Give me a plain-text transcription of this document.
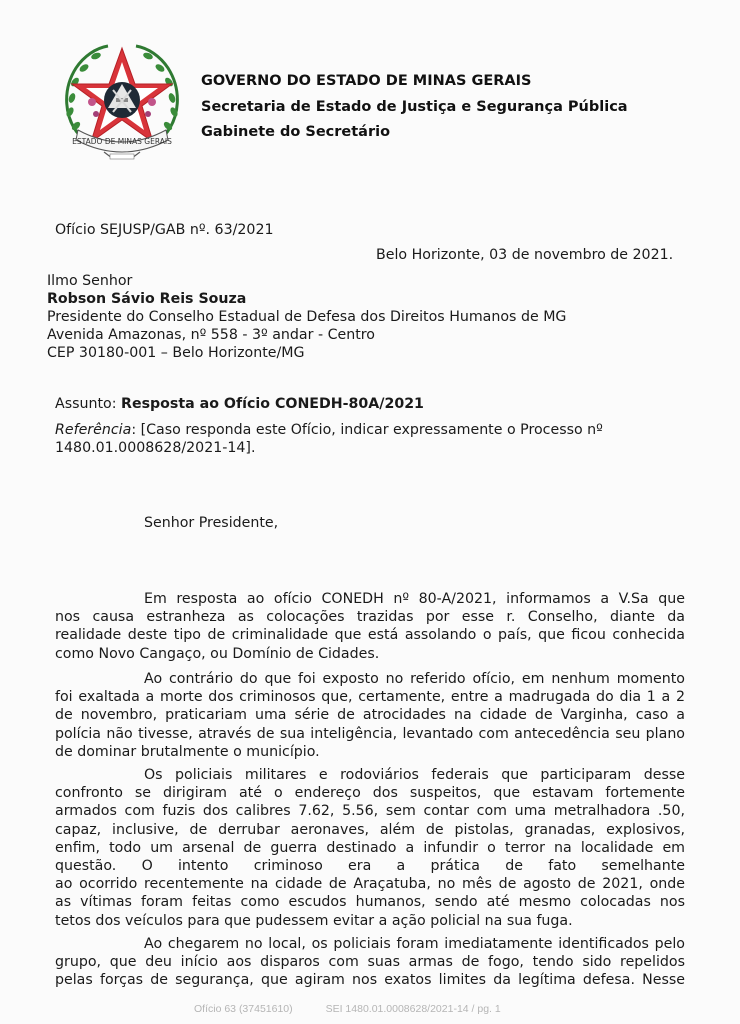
ESTADO DE MINAS GERAIS
GOVERNO DO ESTADO DE MINAS GERAIS
Secretaria de Estado de Justiça e Segurança Pública
Gabinete do Secretário
Ofício SEJUSP/GAB nº. 63/2021
Belo Horizonte, 03 de novembro de 2021.
Ilmo Senhor
Robson Sávio Reis Souza
Presidente do Conselho Estadual de Defesa dos Direitos Humanos de MG
Avenida Amazonas, nº 558 - 3º andar - Centro
CEP 30180-001 – Belo Horizonte/MG
Assunto: Resposta ao Ofício CONEDH-80A/2021
Referência: [Caso responda este Ofício, indicar expressamente o Processo nº
1480.01.0008628/2021-14].
Senhor Presidente,
Em resposta ao ofício CONEDH nº 80-A/2021, informamos a V.Sa que
nos causa estranheza as colocações trazidas por esse r. Conselho, diante da
realidade deste tipo de criminalidade que está assolando o país, que ficou conhecida
como Novo Cangaço, ou Domínio de Cidades.
Ao contrário do que foi exposto no referido ofício, em nenhum momento
foi exaltada a morte dos criminosos que, certamente, entre a madrugada do dia 1 a 2
de novembro, praticariam uma série de atrocidades na cidade de Varginha, caso a
polícia não tivesse, através de sua inteligência, levantado com antecedência seu plano
de dominar brutalmente o município.
Os policiais militares e rodoviários federais que participaram desse
confronto se dirigiram até o endereço dos suspeitos, que estavam fortemente
armados com fuzis dos calibres 7.62, 5.56, sem contar com uma metralhadora .50,
capaz, inclusive, de derrubar aeronaves, além de pistolas, granadas, explosivos,
enfim, todo um arsenal de guerra destinado a infundir o terror na localidade em
questão. O intento criminoso era a prática de fato semelhante
ao ocorrido recentemente na cidade de Araçatuba, no mês de agosto de 2021, onde
as vítimas foram feitas como escudos humanos, sendo até mesmo colocadas nos
tetos dos veículos para que pudessem evitar a ação policial na sua fuga.
Ao chegarem no local, os policiais foram imediatamente identificados pelo
grupo, que deu início aos disparos com suas armas de fogo, tendo sido repelidos
pelas forças de segurança, que agiram nos exatos limites da legítima defesa. Nesse
Ofício 63 (37451610)	SEI 1480.01.0008628/2021-14 / pg. 1
